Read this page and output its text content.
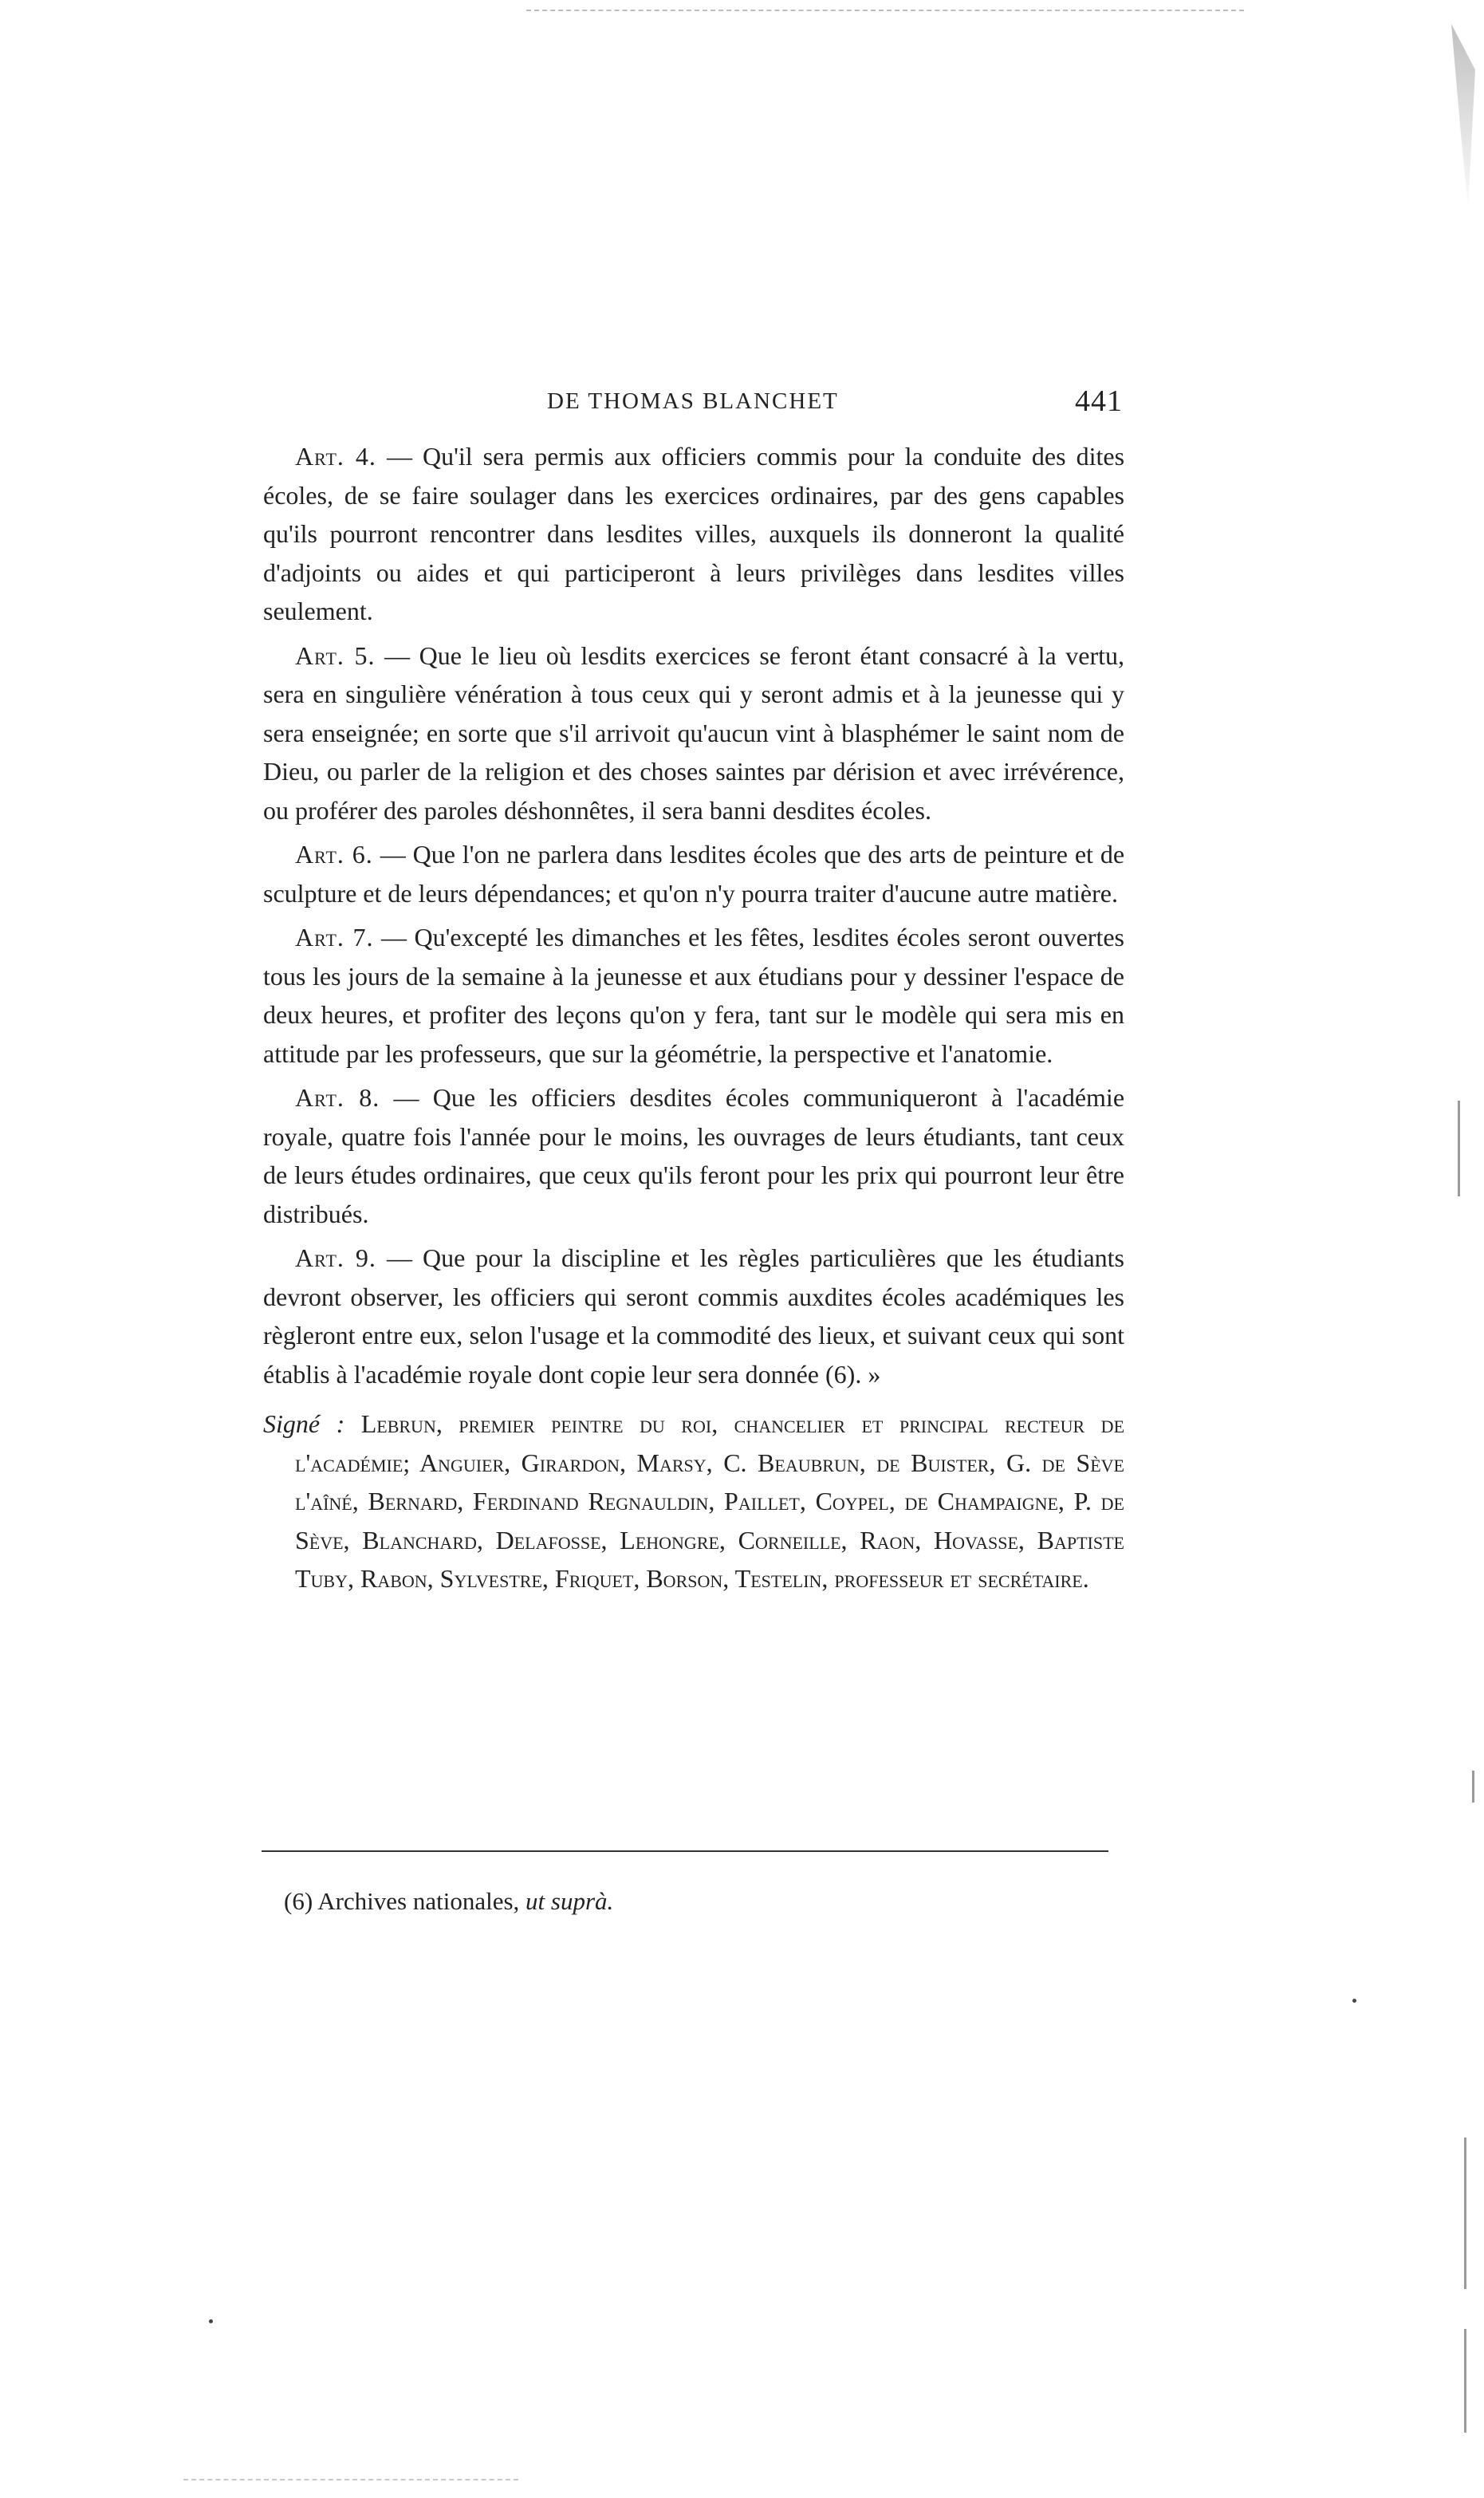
DE THOMAS BLANCHET	441

Art. 4. — Qu'il sera permis aux officiers commis pour la conduite des dites écoles, de se faire soulager dans les exercices ordinaires, par des gens capables qu'ils pourront rencontrer dans lesdites villes, auxquels ils donneront la qualité d'adjoints ou aides et qui participeront à leurs privilèges dans lesdites villes seulement.

Art. 5. — Que le lieu où lesdits exercices se feront étant consacré à la vertu, sera en singulière vénération à tous ceux qui y seront admis et à la jeunesse qui y sera enseignée; en sorte que s'il arrivoit qu'aucun vint à blasphémer le saint nom de Dieu, ou parler de la religion et des choses saintes par dérision et avec irrévérence, ou proférer des paroles déshonnêtes, il sera banni desdites écoles.

Art. 6. — Que l'on ne parlera dans lesdites écoles que des arts de peinture et de sculpture et de leurs dépendances; et qu'on n'y pourra traiter d'aucune autre matière.

Art. 7. — Qu'excepté les dimanches et les fêtes, lesdites écoles seront ouvertes tous les jours de la semaine à la jeunesse et aux étudians pour y dessiner l'espace de deux heures, et profiter des leçons qu'on y fera, tant sur le modèle qui sera mis en attitude par les professeurs, que sur la géométrie, la perspective et l'anatomie.

Art. 8. — Que les officiers desdites écoles communiqueront à l'académie royale, quatre fois l'année pour le moins, les ouvrages de leurs étudiants, tant ceux de leurs études ordinaires, que ceux qu'ils feront pour les prix qui pourront leur être distribués.

Art. 9. — Que pour la discipline et les règles particulières que les étudiants devront observer, les officiers qui seront commis auxdites écoles académiques les règleront entre eux, selon l'usage et la commodité des lieux, et suivant ceux qui sont établis à l'académie royale dont copie leur sera donnée (6). »

Signé : Lebrun, premier peintre du roi, chancelier et principal recteur de l'académie; Anguier, Girardon, Marsy, C. Beaubrun, de Buister, G. de Sève l'aîné, Bernard, Ferdinand Regnauldin, Paillet, Coypel, de Champaigne, P. de Sève, Blanchard, Delafosse, Lehongre, Corneille, Raon, Hovasse, Baptiste Tuby, Rabon, Sylvestre, Friquet, Borson, Testelin, professeur et secrétaire.

(6) Archives nationales, ut suprà.
